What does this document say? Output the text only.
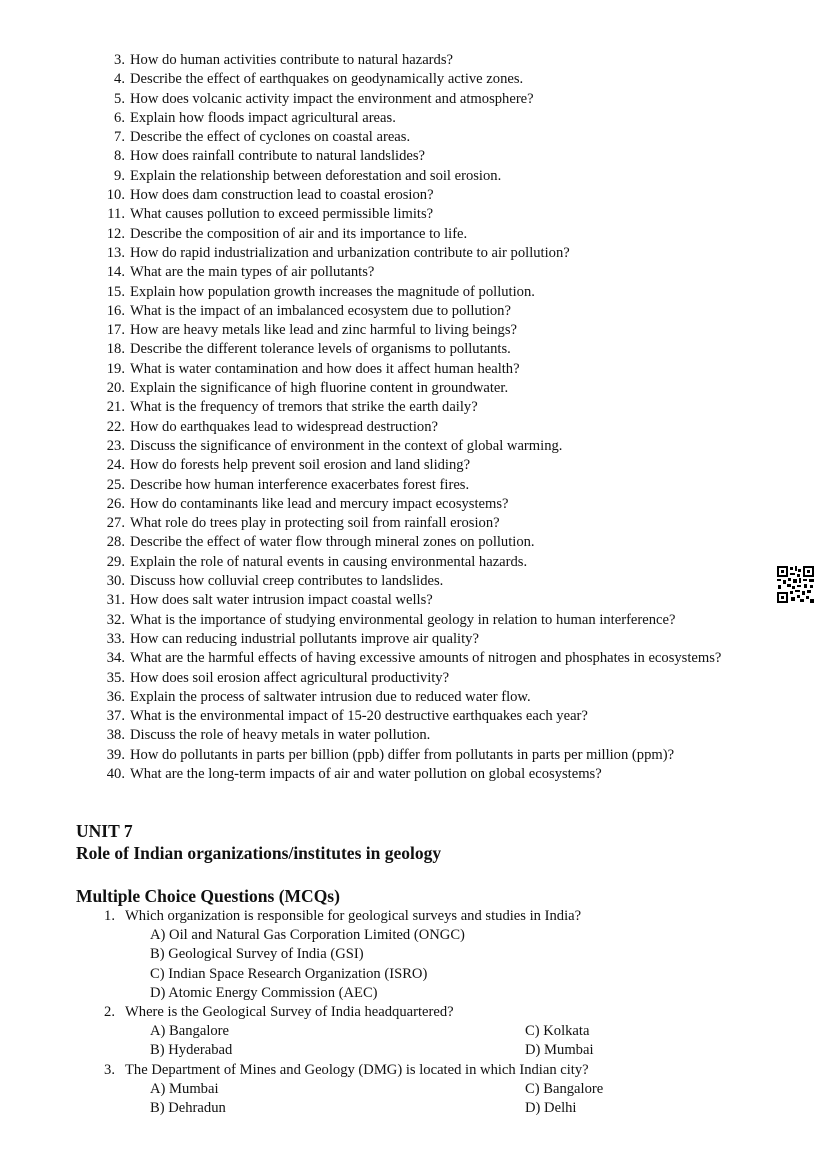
3. How do human activities contribute to natural hazards?
4. Describe the effect of earthquakes on geodynamically active zones.
5. How does volcanic activity impact the environment and atmosphere?
6. Explain how floods impact agricultural areas.
7. Describe the effect of cyclones on coastal areas.
8. How does rainfall contribute to natural landslides?
9. Explain the relationship between deforestation and soil erosion.
10. How does dam construction lead to coastal erosion?
11. What causes pollution to exceed permissible limits?
12. Describe the composition of air and its importance to life.
13. How do rapid industrialization and urbanization contribute to air pollution?
14. What are the main types of air pollutants?
15. Explain how population growth increases the magnitude of pollution.
16. What is the impact of an imbalanced ecosystem due to pollution?
17. How are heavy metals like lead and zinc harmful to living beings?
18. Describe the different tolerance levels of organisms to pollutants.
19. What is water contamination and how does it affect human health?
20. Explain the significance of high fluorine content in groundwater.
21. What is the frequency of tremors that strike the earth daily?
22. How do earthquakes lead to widespread destruction?
23. Discuss the significance of environment in the context of global warming.
24. How do forests help prevent soil erosion and land sliding?
25. Describe how human interference exacerbates forest fires.
26. How do contaminants like lead and mercury impact ecosystems?
27. What role do trees play in protecting soil from rainfall erosion?
28. Describe the effect of water flow through mineral zones on pollution.
29. Explain the role of natural events in causing environmental hazards.
30. Discuss how colluvial creep contributes to landslides.
31. How does salt water intrusion impact coastal wells?
32. What is the importance of studying environmental geology in relation to human interference?
33. How can reducing industrial pollutants improve air quality?
34. What are the harmful effects of having excessive amounts of nitrogen and phosphates in ecosystems?
35. How does soil erosion affect agricultural productivity?
36. Explain the process of saltwater intrusion due to reduced water flow.
37. What is the environmental impact of 15-20 destructive earthquakes each year?
38. Discuss the role of heavy metals in water pollution.
39. How do pollutants in parts per billion (ppb) differ from pollutants in parts per million (ppm)?
40. What are the long-term impacts of air and water pollution on global ecosystems?
UNIT 7
Role of Indian organizations/institutes in geology
Multiple Choice Questions (MCQs)
1. Which organization is responsible for geological surveys and studies in India?
A) Oil and Natural Gas Corporation Limited (ONGC)
B) Geological Survey of India (GSI)
C) Indian Space Research Organization (ISRO)
D) Atomic Energy Commission (AEC)
2. Where is the Geological Survey of India headquartered?
A) Bangalore	C) Kolkata
B) Hyderabad	D) Mumbai
3. The Department of Mines and Geology (DMG) is located in which Indian city?
A) Mumbai	C) Bangalore
B) Dehradun	D) Delhi
